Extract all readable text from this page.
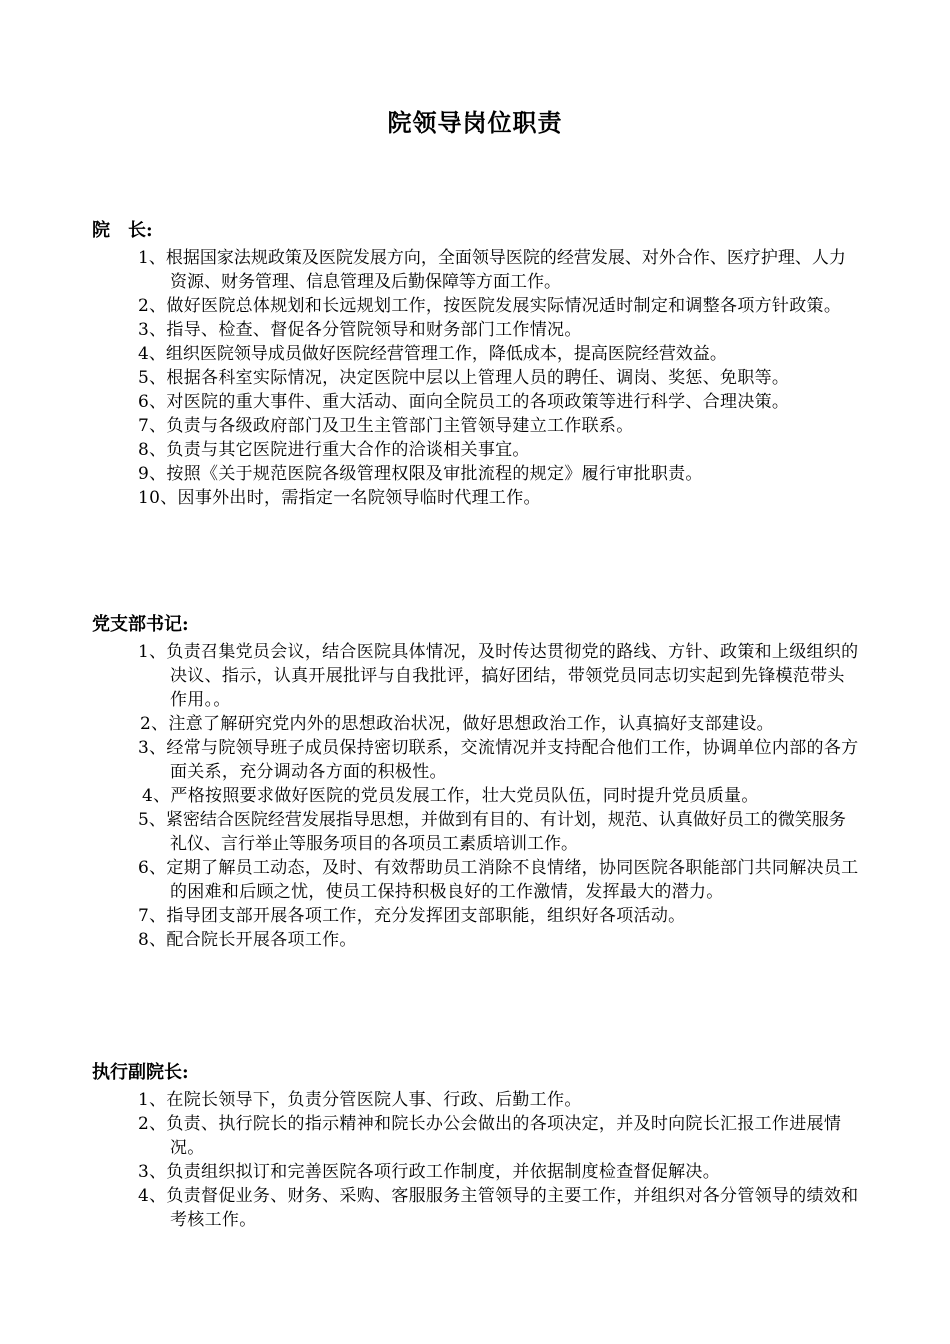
院领导岗位职责
院　长:
1、根据国家法规政策及医院发展方向，全面领导医院的经营发展、对外合作、医疗护理、人力资源、财务管理、信息管理及后勤保障等方面工作。
2、做好医院总体规划和长远规划工作，按医院发展实际情况适时制定和调整各项方针政策。
3、指导、检查、督促各分管院领导和财务部门工作情况。
4、组织医院领导成员做好医院经营管理工作，降低成本，提高医院经营效益。
5、根据各科室实际情况，决定医院中层以上管理人员的聘任、调岗、奖惩、免职等。
6、对医院的重大事件、重大活动、面向全院员工的各项政策等进行科学、合理决策。
7、负责与各级政府部门及卫生主管部门主管领导建立工作联系。
8、负责与其它医院进行重大合作的洽谈相关事宜。
9、按照《关于规范医院各级管理权限及审批流程的规定》履行审批职责。
10、因事外出时，需指定一名院领导临时代理工作。
党支部书记:
1、负责召集党员会议，结合医院具体情况，及时传达贯彻党的路线、方针、政策和上级组织的决议、指示，认真开展批评与自我批评，搞好团结，带领党员同志切实起到先锋模范带头作用。。
2、注意了解研究党内外的思想政治状况，做好思想政治工作，认真搞好支部建设。
3、经常与院领导班子成员保持密切联系，交流情况并支持配合他们工作，协调单位内部的各方面关系，充分调动各方面的积极性。
4、严格按照要求做好医院的党员发展工作，壮大党员队伍，同时提升党员质量。
5、紧密结合医院经营发展指导思想，并做到有目的、有计划，规范、认真做好员工的微笑服务礼仪、言行举止等服务项目的各项员工素质培训工作。
6、定期了解员工动态，及时、有效帮助员工消除不良情绪，协同医院各职能部门共同解决员工的困难和后顾之忧，使员工保持积极良好的工作激情，发挥最大的潜力。
7、指导团支部开展各项工作，充分发挥团支部职能，组织好各项活动。
8、配合院长开展各项工作。
执行副院长:
1、在院长领导下，负责分管医院人事、行政、后勤工作。
2、负责、执行院长的指示精神和院长办公会做出的各项决定，并及时向院长汇报工作进展情况。
3、负责组织拟订和完善医院各项行政工作制度，并依据制度检查督促解决。
4、负责督促业务、财务、采购、客服服务主管领导的主要工作，并组织对各分管领导的绩效和考核工作。
